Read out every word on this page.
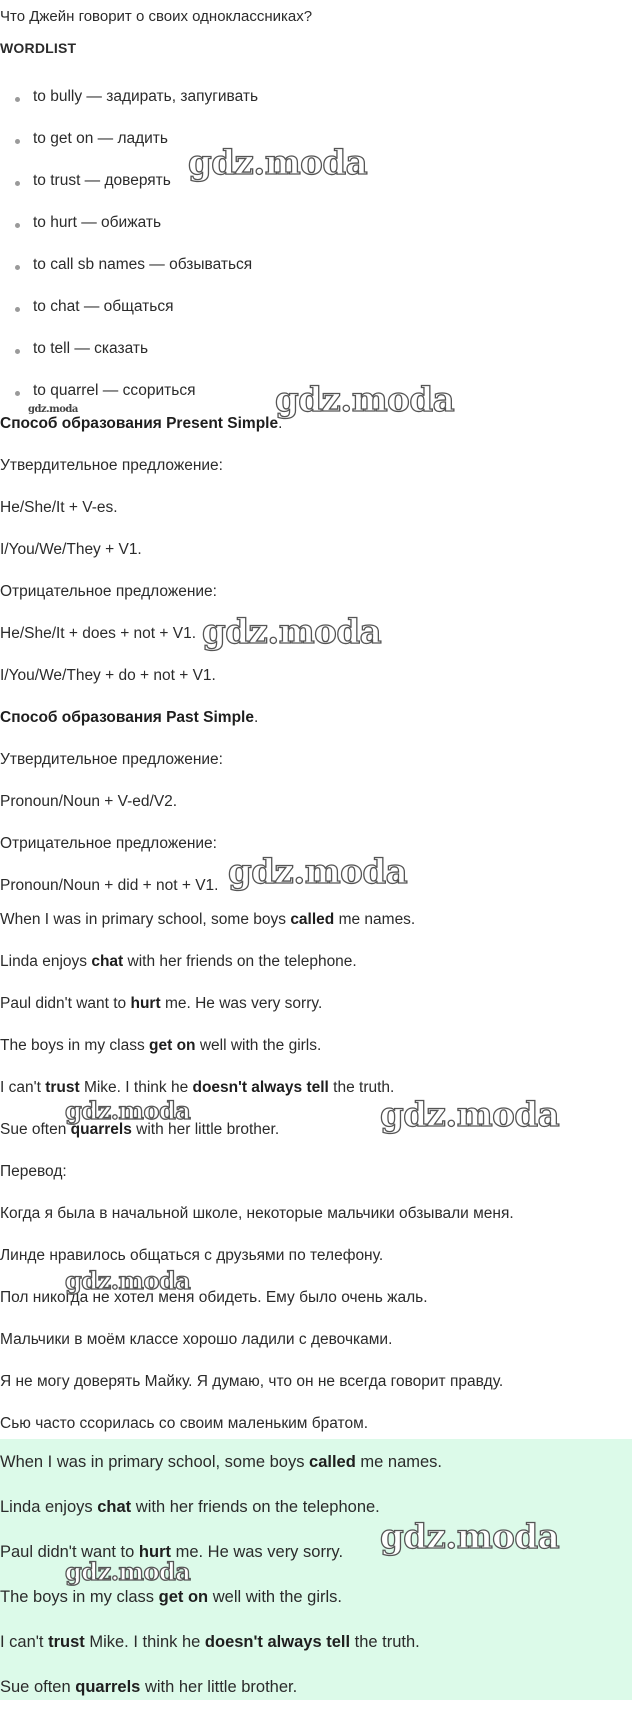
Что Джейн говорит о своих одноклассниках?
WORDLIST
to bully — задирать, запугивать
to get on — ладить
to trust — доверять
to hurt — обижать
to call sb names — обзываться
to chat — общаться
to tell — сказать
to quarrel — ссориться
Способ образования Present Simple.
Утвердительное предложение:
He/She/It + V-es.
I/You/We/They + V1.
Отрицательное предложение:
He/She/It + does + not + V1.
I/You/We/They + do + not + V1.
Способ образования Past Simple.
Утвердительное предложение:
Pronoun/Noun + V-ed/V2.
Отрицательное предложение:
Pronoun/Noun + did + not + V1.
When I was in primary school, some boys called me names.
Linda enjoys chat with her friends on the telephone.
Paul didn't want to hurt me. He was very sorry.
The boys in my class get on well with the girls.
I can't trust Mike. I think he doesn't always tell the truth.
Sue often quarrels with her little brother.
Перевод:
Когда я была в начальной школе, некоторые мальчики обзывали меня.
Линде нравилось общаться с друзьями по телефону.
Пол никогда не хотел меня обидеть. Ему было очень жаль.
Мальчики в моём классе хорошо ладили с девочками.
Я не могу доверять Майку. Я думаю, что он не всегда говорит правду.
Сью часто ссорилась со своим маленьким братом.
When I was in primary school, some boys called me names.
Linda enjoys chat with her friends on the telephone.
Paul didn't want to hurt me. He was very sorry.
The boys in my class get on well with the girls.
I can't trust Mike. I think he doesn't always tell the truth.
Sue often quarrels with her little brother.
gdz.moda
gdz.moda	gdz.moda
gdz.moda
gdz.moda
gdz.moda	gdz.moda
gdz.moda
gdz.moda
gdz.moda
